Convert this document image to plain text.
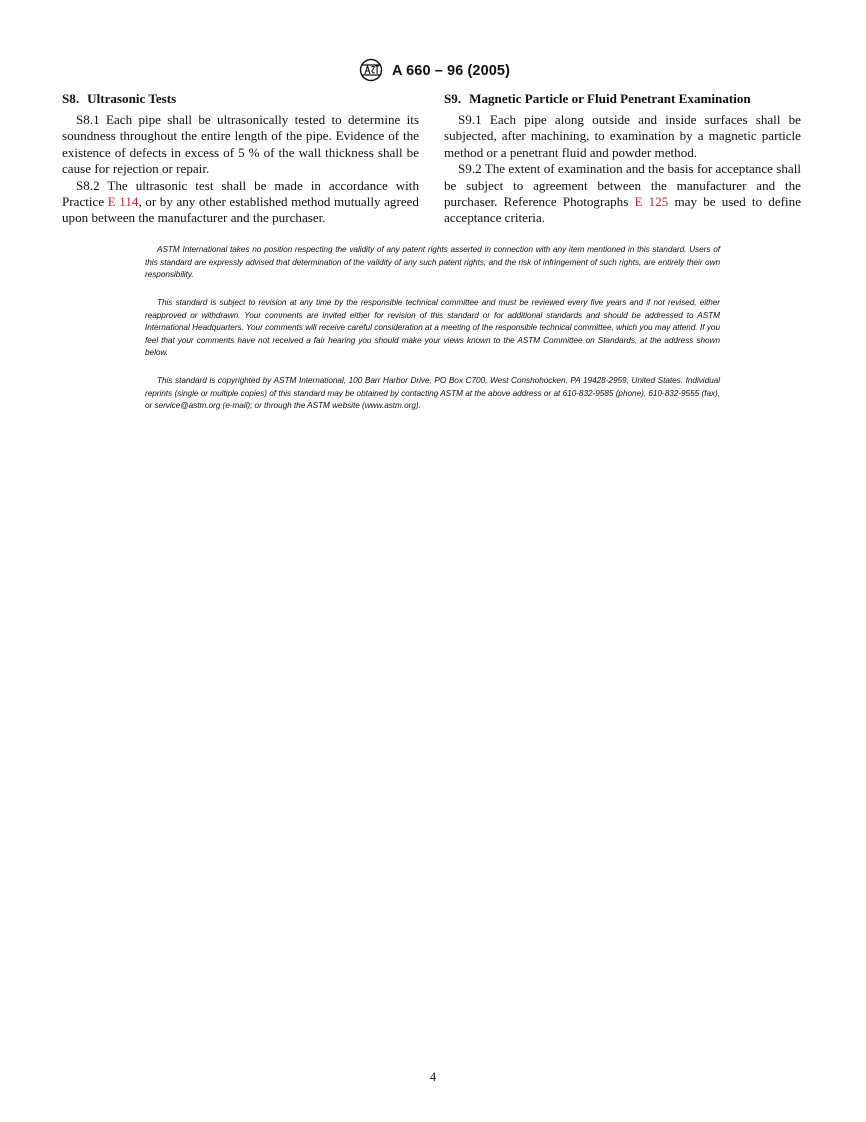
A 660 – 96 (2005)
S8. Ultrasonic Tests

S8.1 Each pipe shall be ultrasonically tested to determine its soundness throughout the entire length of the pipe. Evidence of the existence of defects in excess of 5 % of the wall thickness shall be cause for rejection or repair.

S8.2 The ultrasonic test shall be made in accordance with Practice E 114, or by any other established method mutually agreed upon between the manufacturer and the purchaser.

S9. Magnetic Particle or Fluid Penetrant Examination

S9.1 Each pipe along outside and inside surfaces shall be subjected, after machining, to examination by a magnetic particle method or a penetrant fluid and powder method.

S9.2 The extent of examination and the basis for acceptance shall be subject to agreement between the manufacturer and the purchaser. Reference Photographs E 125 may be used to define acceptance criteria.

ASTM International takes no position respecting the validity of any patent rights asserted in connection with any item mentioned in this standard. Users of this standard are expressly advised that determination of the validity of any such patent rights, and the risk of infringement of such rights, are entirely their own responsibility.

This standard is subject to revision at any time by the responsible technical committee and must be reviewed every five years and if not revised, either reapproved or withdrawn. Your comments are invited either for revision of this standard or for additional standards and should be addressed to ASTM International Headquarters. Your comments will receive careful consideration at a meeting of the responsible technical committee, which you may attend. If you feel that your comments have not received a fair hearing you should make your views known to the ASTM Committee on Standards, at the address shown below.

This standard is copyrighted by ASTM International, 100 Barr Harbor Drive, PO Box C700, West Conshohocken, PA 19428-2959, United States. Individual reprints (single or multiple copies) of this standard may be obtained by contacting ASTM at the above address or at 610-832-9585 (phone), 610-832-9555 (fax), or service@astm.org (e-mail); or through the ASTM website (www.astm.org).

4
